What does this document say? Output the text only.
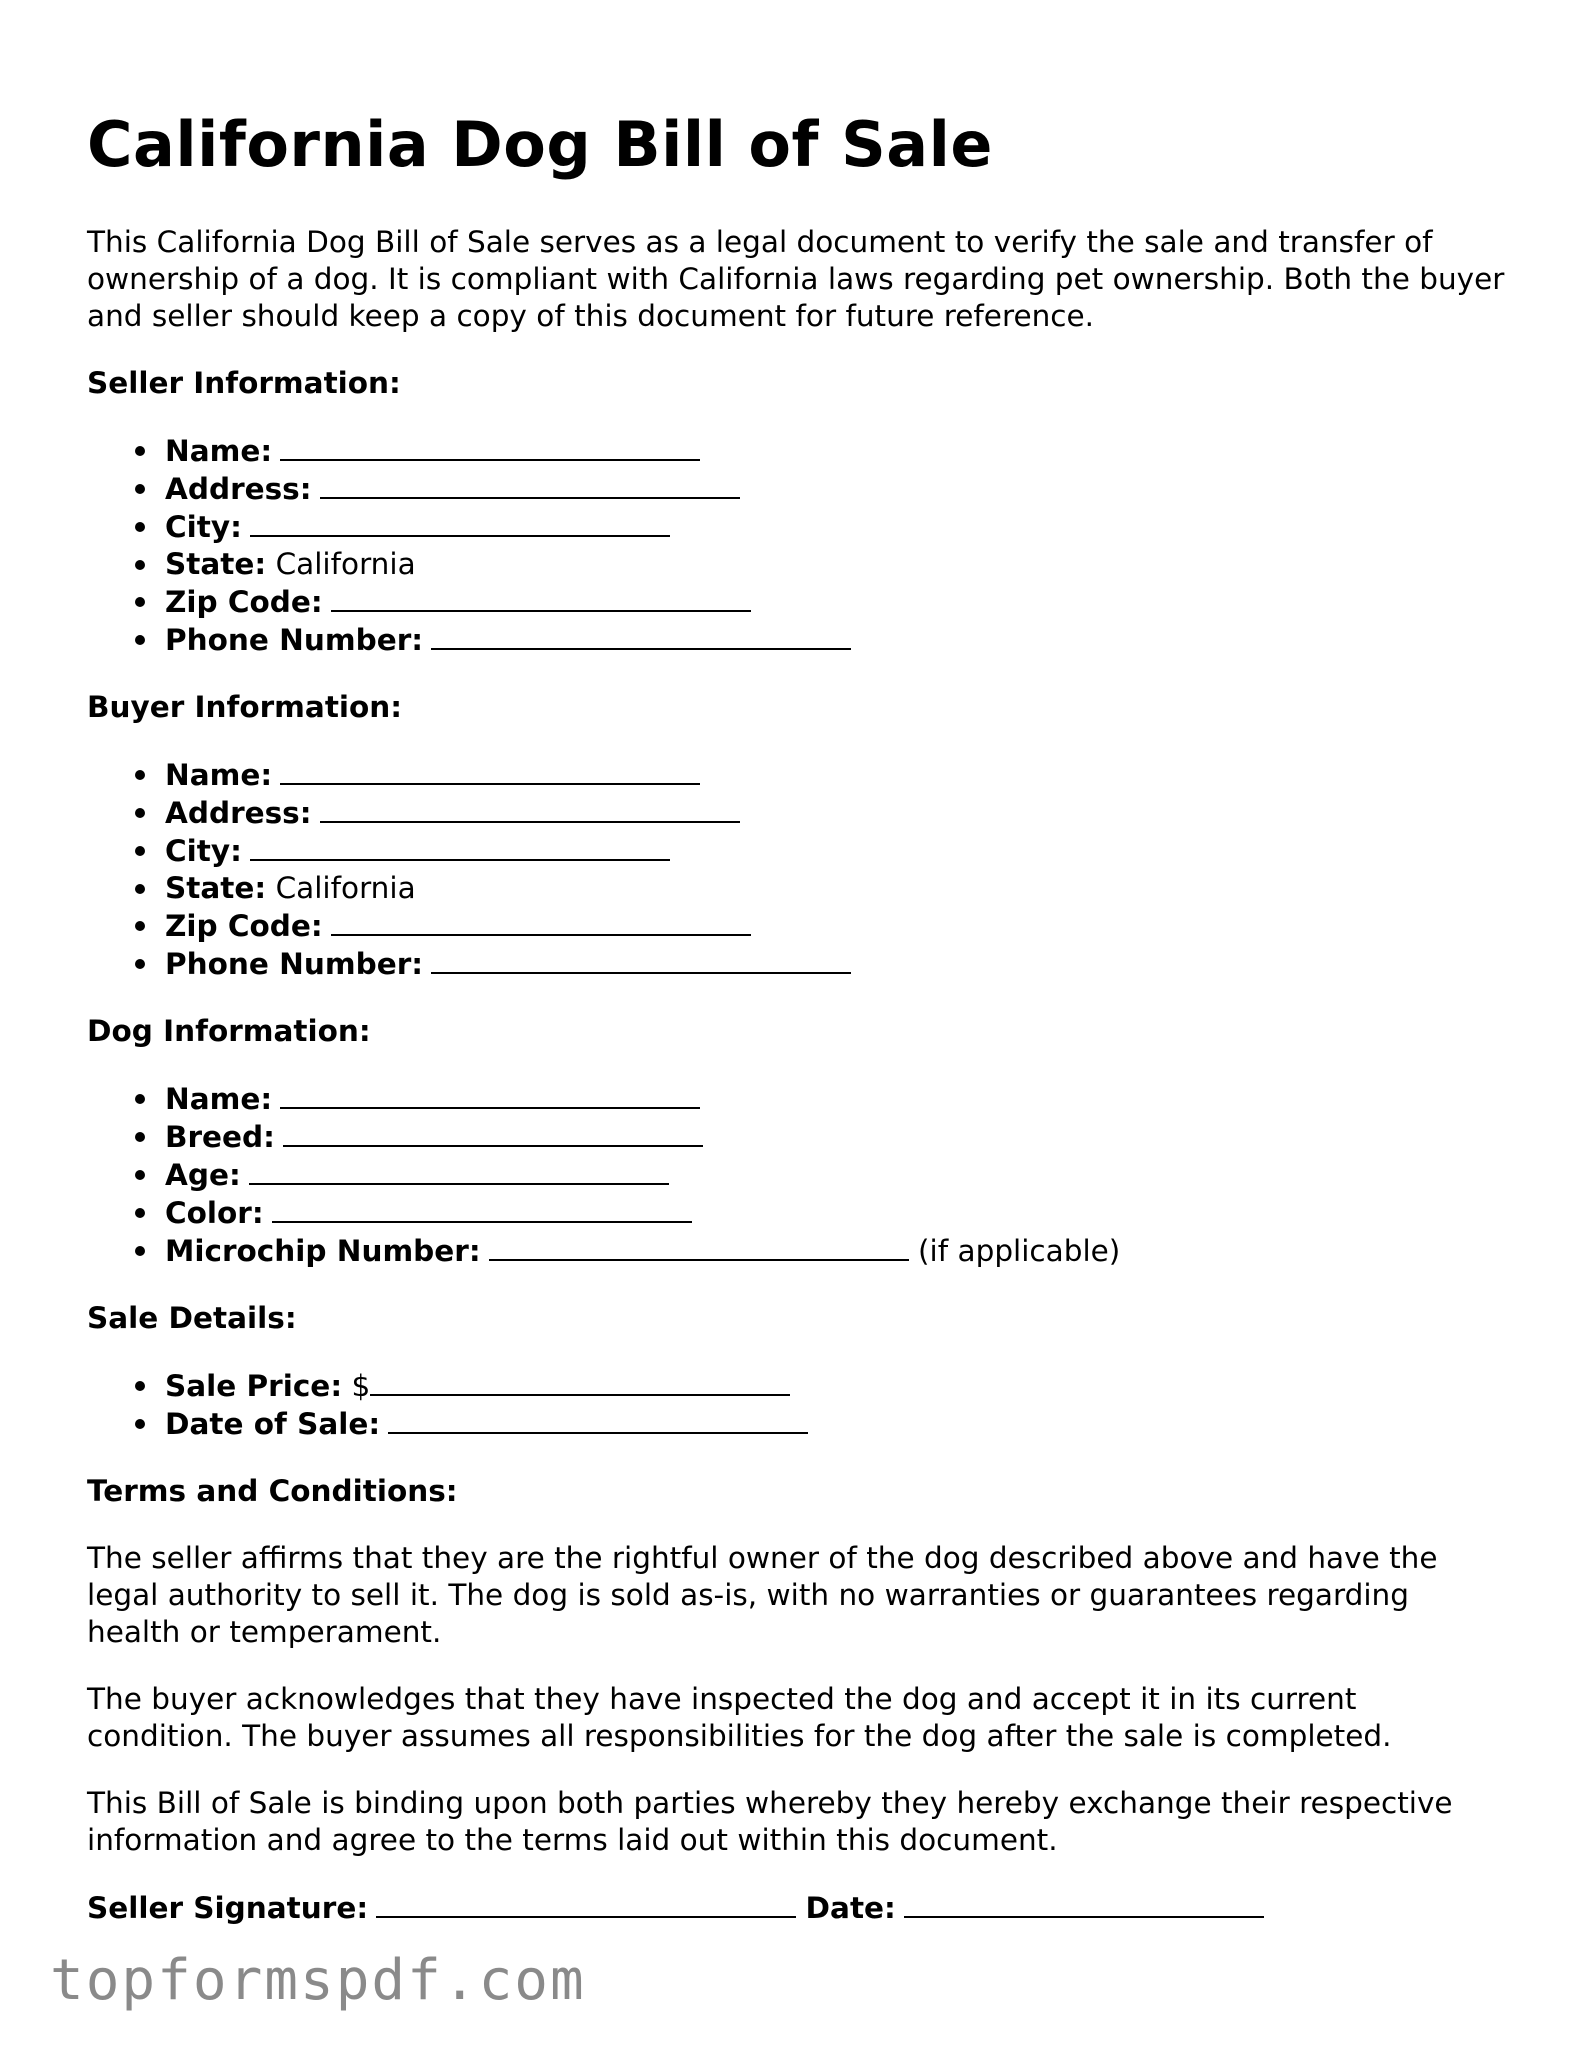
California Dog Bill of Sale

This California Dog Bill of Sale serves as a legal document to verify the sale and transfer of ownership of a dog. It is compliant with California laws regarding pet ownership. Both the buyer and seller should keep a copy of this document for future reference.

Seller Information:
Name:
Address:
City:
State: California
Zip Code:
Phone Number:
Buyer Information:
Name:
Address:
City:
State: California
Zip Code:
Phone Number:
Dog Information:
Name:
Breed:
Age:
Color:
Microchip Number:	(if applicable)
Sale Details:
Sale Price: $
Date of Sale:
Terms and Conditions:

The seller affirms that they are the rightful owner of the dog described above and have the legal authority to sell it. The dog is sold as-is, with no warranties or guarantees regarding health or temperament.

The buyer acknowledges that they have inspected the dog and accept it in its current condition. The buyer assumes all responsibilities for the dog after the sale is completed.

This Bill of Sale is binding upon both parties whereby they hereby exchange their respective information and agree to the terms laid out within this document.

Seller Signature:	Date:
topformspdf.com
